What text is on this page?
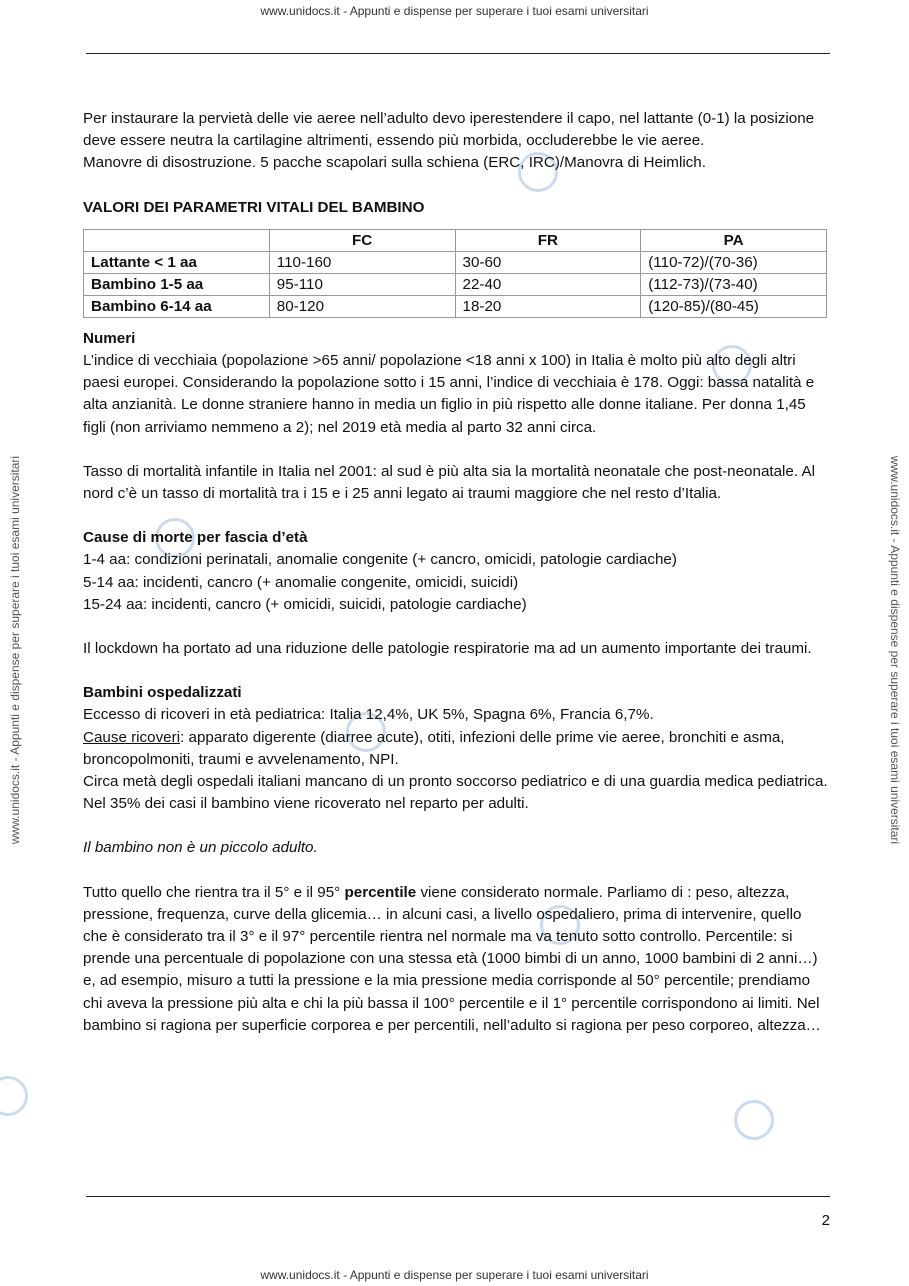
www.unidocs.it - Appunti e dispense per superare i tuoi esami universitari
www.unidocs.it - Appunti e dispense per superare i tuoi esami universitari	www.unidocs.it - Appunti e dispense per superare i tuoi esami universitari

Per instaurare la pervietà delle vie aeree nell’adulto devo iperestendere il capo, nel lattante (0-1) la posizione deve essere neutra la cartilagine altrimenti, essendo più morbida, occluderebbe le vie aeree.

Manovre di disostruzione. 5 pacche scapolari sulla schiena (ERC, IRC)/Manovra di Heimlich.

VALORI DEI PARAMETRI VITALI DEL BAMBINO

	FC	FR	PA
Lattante < 1 aa	110-160	30-60	(110-72)/(70-36)
Bambino 1-5 aa	95-110	22-40	(112-73)/(73-40)
Bambino 6-14 aa	80-120	18-20	(120-85)/(80-45)

Numeri

L’indice di vecchiaia (popolazione >65 anni/ popolazione <18 anni x 100) in Italia è molto più alto degli altri paesi europei. Considerando la popolazione sotto i 15 anni, l’indice di vecchiaia è 178. Oggi: bassa natalità e alta anzianità. Le donne straniere hanno in media un figlio in più rispetto alle donne italiane. Per donna 1,45 figli (non arriviamo nemmeno a 2); nel 2019 età media al parto 32 anni circa.

Tasso di mortalità infantile in Italia nel 2001: al sud è più alta sia la mortalità neonatale che post-neonatale. Al nord c’è un tasso di mortalità tra i 15 e i 25 anni legato ai traumi maggiore che nel resto d’Italia.

Cause di morte per fascia d’età

1-4 aa: condizioni perinatali, anomalie congenite (+ cancro, omicidi, patologie cardiache)

5-14 aa: incidenti, cancro (+ anomalie congenite, omicidi, suicidi)

15-24 aa: incidenti, cancro (+ omicidi, suicidi, patologie cardiache)

Il lockdown ha portato ad una riduzione delle patologie respiratorie ma ad un aumento importante dei traumi.

Bambini ospedalizzati

Eccesso di ricoveri in età pediatrica: Italia 12,4%, UK 5%, Spagna 6%, Francia 6,7%.

Cause ricoveri: apparato digerente (diarree acute), otiti, infezioni delle prime vie aeree, bronchiti e asma, broncopolmoniti, traumi e avvelenamento, NPI.

Circa metà degli ospedali italiani mancano di un pronto soccorso pediatrico e di una guardia medica pediatrica. Nel 35% dei casi il bambino viene ricoverato nel reparto per adulti.

Il bambino non è un piccolo adulto.

Tutto quello che rientra tra il 5° e il 95° percentile viene considerato normale. Parliamo di : peso, altezza, pressione, frequenza, curve della glicemia… in alcuni casi, a livello ospedaliero, prima di intervenire, quello che è considerato tra il 3° e il 97° percentile rientra nel normale ma va tenuto sotto controllo. Percentile: si prende una percentuale di popolazione con una stessa età (1000 bimbi di un anno, 1000 bambini di 2 anni…) e, ad esempio, misuro a tutti la pressione e la mia pressione media corrisponde al 50° percentile; prendiamo chi aveva la pressione più alta e chi la più bassa il 100° percentile e il 1° percentile corrispondono ai limiti. Nel bambino si ragiona per superficie corporea e per percentili, nell’adulto si ragiona per peso corporeo, altezza…

2
www.unidocs.it - Appunti e dispense per superare i tuoi esami universitari
